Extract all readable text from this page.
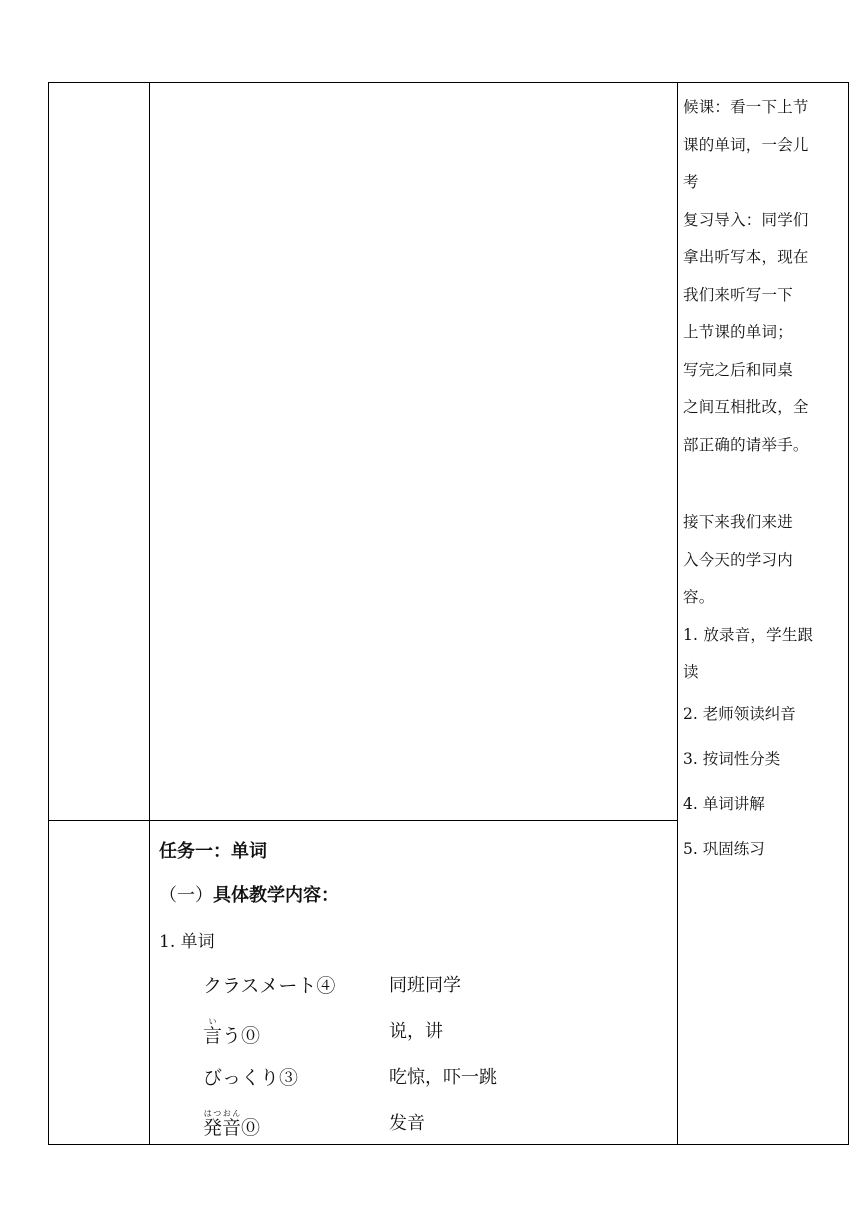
候课：看一下上节
课的单词，一会儿
考
复习导入：同学们
拿出听写本，现在
我们来听写一下
上节课的单词；
写完之后和同桌
之间互相批改，全
部正确的请举手。
接下来我们来进
入今天的学习内
容。
1. 放录音，学生跟
读
2. 老师领读纠音
3. 按词性分类
4. 单词讲解
5. 巩固练习
任务一：单词
（一）具体教学内容：
1. 单词
クラスメート④	同班同学
言いう⓪	说，讲
びっくり③	吃惊，吓一跳
発音はつおん⓪	发音
